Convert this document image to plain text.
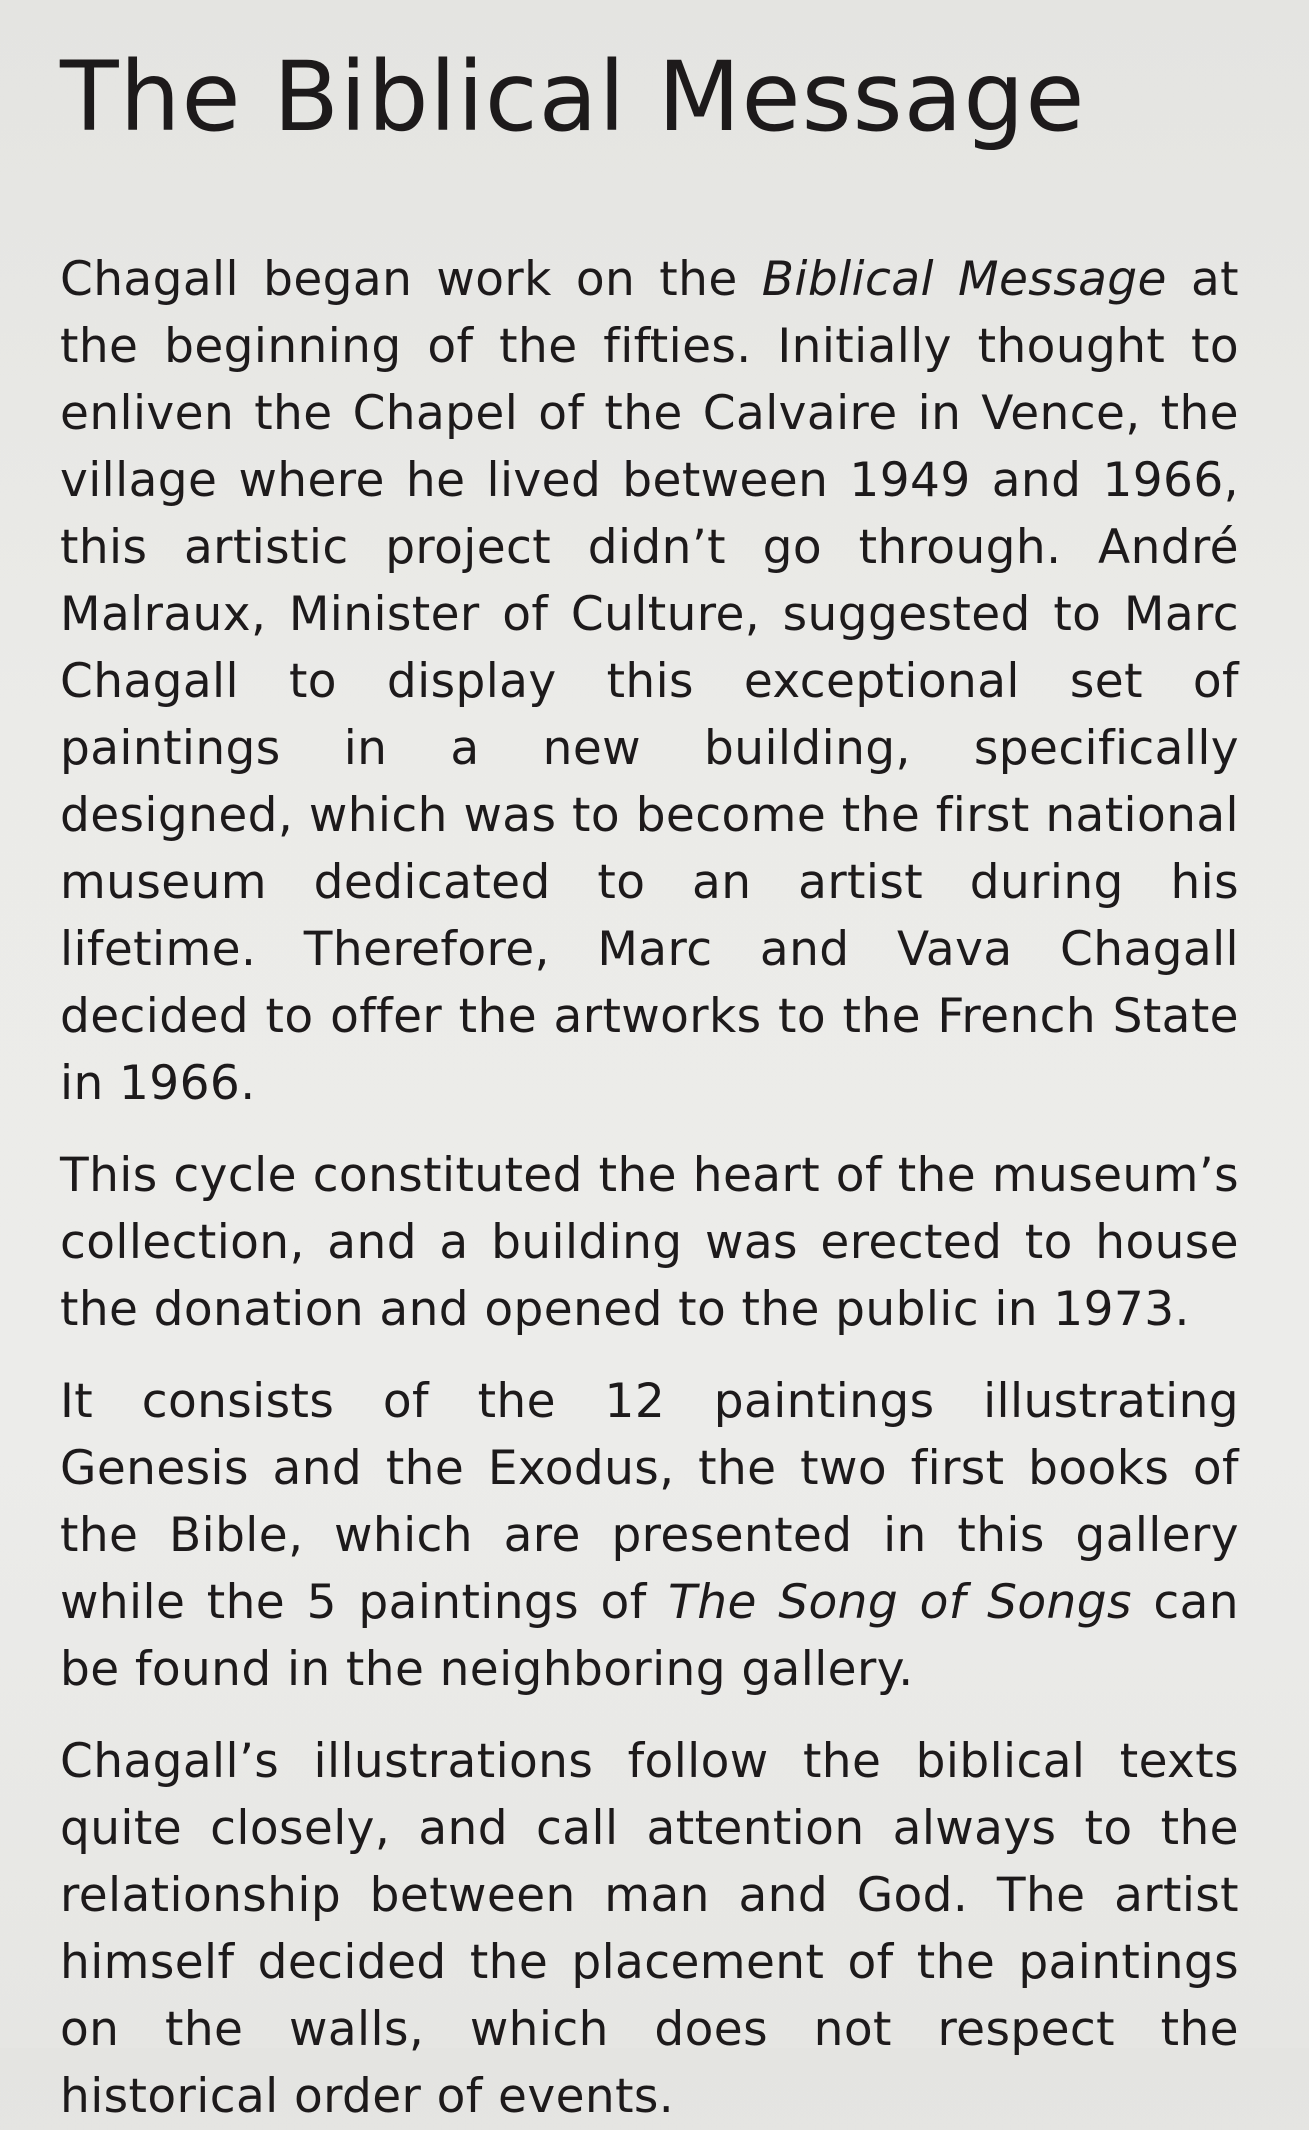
The Biblical Message

Chagall began work on the Biblical Message at the beginning of the fifties. Initially thought to enliven the Chapel of the Calvaire in Vence, the village where he lived between 1949 and 1966, this artistic project didn’t go through. André Malraux, Minister of Culture, suggested to Marc Chagall to display this exceptional set of paintings in a new building, specifically designed, which was to become the first national museum dedicated to an artist during his lifetime. Therefore, Marc and Vava Chagall decided to offer the artworks to the French State in 1966.

This cycle constituted the heart of the museum’s collection, and a building was erected to house the donation and opened to the public in 1973.

It consists of the 12 paintings illustrating Genesis and the Exodus, the two first books of the Bible, which are presented in this gallery while the 5 paintings of The Song of Songs can be found in the neighboring gallery.

Chagall’s illustrations follow the biblical texts quite closely, and call attention always to the relationship between man and God. The artist himself decided the placement of the paintings on the walls, which does not respect the historical order of events.
